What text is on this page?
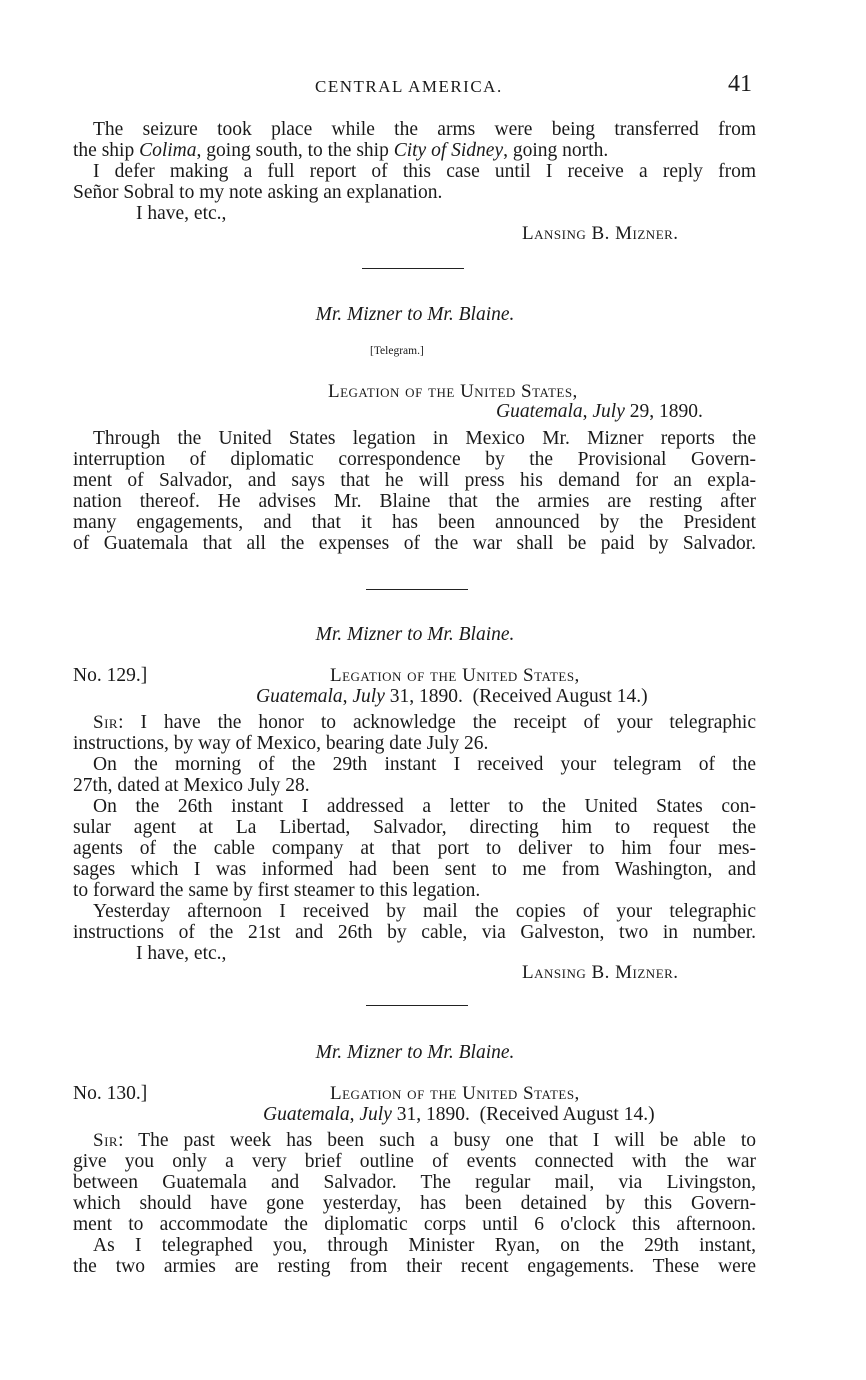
CENTRAL AMERICA.	41
The seizure took place while the arms were being transferred from
the ship Colima, going south, to the ship City of Sidney, going north.
I defer making a full report of this case until I receive a reply from
Señor Sobral to my note asking an explanation.
I have, etc.,
Lansing B. Mizner.
Mr. Mizner to Mr. Blaine.
[Telegram.]
Legation of the United States,
Guatemala, July 29, 1890.
Through the United States legation in Mexico Mr. Mizner reports the
interruption of diplomatic correspondence by the Provisional Govern-
ment of Salvador, and says that he will press his demand for an expla-
nation thereof. He advises Mr. Blaine that the armies are resting after
many engagements, and that it has been announced by the President
of Guatemala that all the expenses of the war shall be paid by Salvador.
Mr. Mizner to Mr. Blaine.
No. 129.]	Legation of the United States,
Guatemala, July 31, 1890. (Received August 14.)
Sir: I have the honor to acknowledge the receipt of your telegraphic
instructions, by way of Mexico, bearing date July 26.
On the morning of the 29th instant I received your telegram of the
27th, dated at Mexico July 28.
On the 26th instant I addressed a letter to the United States con-
sular agent at La Libertad, Salvador, directing him to request the
agents of the cable company at that port to deliver to him four mes-
sages which I was informed had been sent to me from Washington, and
to forward the same by first steamer to this legation.
Yesterday afternoon I received by mail the copies of your telegraphic
instructions of the 21st and 26th by cable, via Galveston, two in number.
I have, etc.,
Lansing B. Mizner.
Mr. Mizner to Mr. Blaine.
No. 130.]	Legation of the United States,
Guatemala, July 31, 1890. (Received August 14.)
Sir: The past week has been such a busy one that I will be able to
give you only a very brief outline of events connected with the war
between Guatemala and Salvador. The regular mail, via Livingston,
which should have gone yesterday, has been detained by this Govern-
ment to accommodate the diplomatic corps until 6 o'clock this afternoon.
As I telegraphed you, through Minister Ryan, on the 29th instant,
the two armies are resting from their recent engagements. These were
